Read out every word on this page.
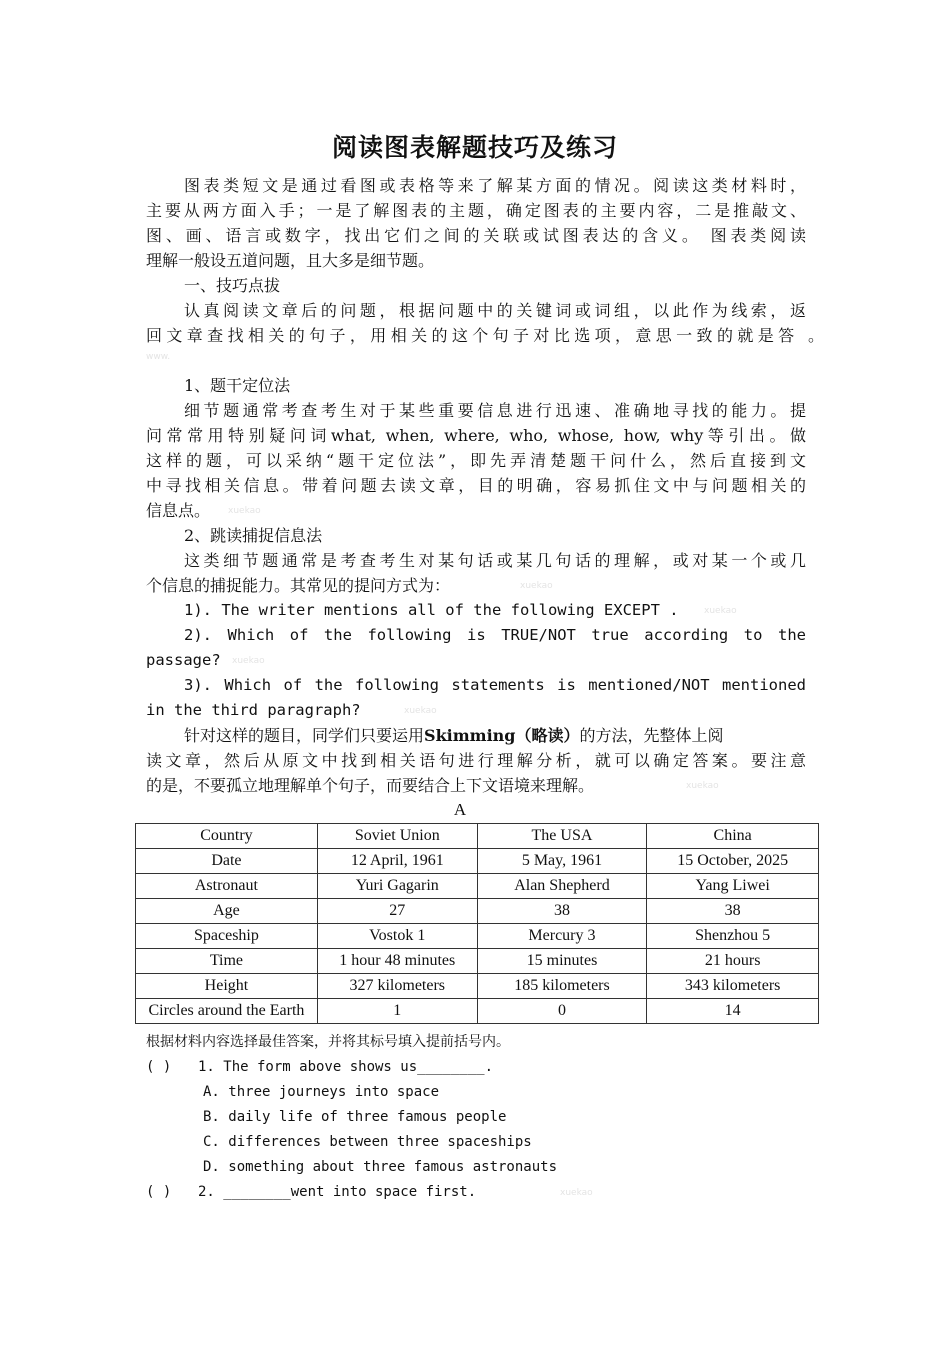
阅读图表解题技巧及练习
图表类短文是通过看图或表格等来了解某方面的情况。阅读这类材料时，
主要从两方面入手；一是了解图表的主题，确定图表的主要内容，二是推敲文、
图、画、语言或数字，找出它们之间的关联或试图表达的含义。 图表类阅读
理解一般设五道问题，且大多是细节题。
一、技巧点拔
认真阅读文章后的问题，根据问题中的关键词或词组，以此作为线索，返
回文章查找相关的句子，用相关的这个句子对比选项，意思一致的就是答 。
www.
1、题干定位法
细节题通常考查考生对于某些重要信息进行迅速、准确地寻找的能力。提
问常常用特别疑问词what, when, where, who, whose, how, why等引出。做
这样的题，可以采纳“题干定位法”，即先弄清楚题干问什么，然后直接到文
中寻找相关信息。带着问题去读文章，目的明确，容易抓住文中与问题相关的
信息点。	xuekao
2、跳读捕捉信息法
这类细节题通常是考查考生对某句话或某几句话的理解，或对某一个或几
个信息的捕捉能力。其常见的提问方式为：	xuekao
1). The writer mentions all of the following EXCEPT .	xuekao
2). Which of the following is TRUE/NOT true according to the
passage?	xuekao
3). Which of the following statements is mentioned/NOT mentioned
in the third paragraph?	xuekao
针对这样的题目，同学们只要运用Skimming（略读）的方法，先整体上阅
读文章，然后从原文中找到相关语句进行理解分析，就可以确定答案。要注意
的是，不要孤立地理解单个句子，而要结合上下文语境来理解。	xuekao
A
Country	Soviet Union	The USA	China
Date	12 April, 1961	5 May, 1961	15 October, 2025
Astronaut	Yuri Gagarin	Alan Shepherd	Yang Liwei
Age	27	38	38
Spaceship	Vostok 1	Mercury 3	Shenzhou 5
Time	1 hour 48 minutes	15 minutes	21 hours
Height	327 kilometers	185 kilometers	343 kilometers
Circles around the Earth	1	0	14
根据材料内容选择最佳答案，并将其标号填入提前括号内。
( ) 1. The form above shows us________.
A. three journeys into space
B. daily life of three famous people
C. differences between three spaceships
D. something about three famous astronauts
( ) 2. ________went into space first.	xuekao
